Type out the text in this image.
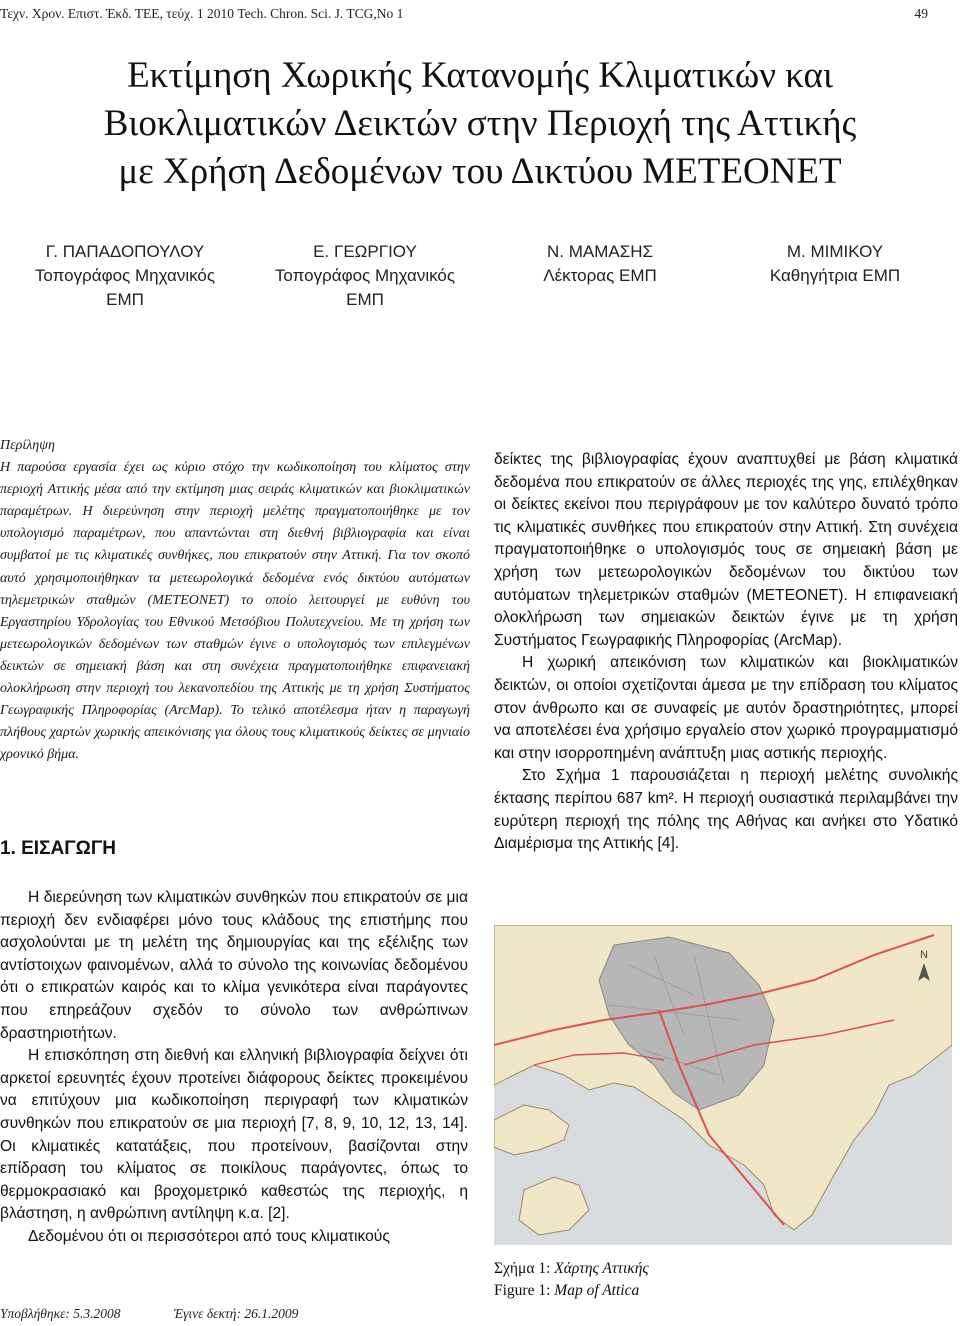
Τεχν. Χρον. Επιστ. Έκδ. ΤΕΕ, τεύχ. 1 2010 Tech. Chron. Sci. J. TCG,No 1	49
Εκτίμηση Χωρικής Κατανομής Κλιματικών και
Βιοκλιματικών Δεικτών στην Περιοχή της Αττικής
με Χρήση Δεδομένων του Δικτύου ΜΕΤΕΟΝΕΤ
Γ. ΠΑΠΑΔΟΠΟΥΛΟΥ
Τοπογράφος Μηχανικός
ΕΜΠ
Ε. ΓΕΩΡΓΙΟΥ
Τοπογράφος Μηχανικός
ΕΜΠ
Ν. ΜΑΜΑΣΗΣ
Λέκτορας ΕΜΠ
Μ. ΜΙΜΙΚΟΥ
Καθηγήτρια ΕΜΠ
Περίληψη

Η παρούσα εργασία έχει ως κύριο στόχο την κωδικοποίηση του κλίματος στην περιοχή Αττικής μέσα από την εκτίμηση μιας σειράς κλιματικών και βιοκλιματικών παραμέτρων. Η διερεύνηση στην περιοχή μελέτης πραγματοποιήθηκε με τον υπολογισμό παραμέτρων, που απαντώνται στη διεθνή βιβλιογραφία και είναι συμβατοί με τις κλιματικές συνθήκες, που επικρατούν στην Αττική. Για τον σκοπό αυτό χρησιμοποιήθηκαν τα μετεωρολογικά δεδομένα ενός δικτύου αυτόματων τηλεμετρικών σταθμών (ΜΕΤΕΟΝΕΤ) το οποίο λειτουργεί με ευθύνη του Εργαστηρίου Υδρολογίας του Εθνικού Μετσόβιου Πολυτεχνείου. Με τη χρήση των μετεωρολογικών δεδομένων των σταθμών έγινε ο υπολογισμός των επιλεγμένων δεικτών σε σημειακή βάση και στη συνέχεια πραγματοποιήθηκε επιφανειακή ολοκλήρωση στην περιοχή του λεκανοπεδίου της Αττικής με τη χρήση Συστήματος Γεωγραφικής Πληροφορίας (ArcMap). Το τελικό αποτέλεσμα ήταν η παραγωγή πλήθους χαρτών χωρικής απεικόνισης για όλους τους κλιματικούς δείκτες σε μηνιαίο χρονικό βήμα.

1. ΕΙΣΑΓΩΓΗ

Η διερεύνηση των κλιματικών συνθηκών που επικρατούν σε μια περιοχή δεν ενδιαφέρει μόνο τους κλάδους της επιστήμης που ασχολούνται με τη μελέτη της δημιουργίας και της εξέλιξης των αντίστοιχων φαινομένων, αλλά το σύνολο της κοινωνίας δεδομένου ότι ο επικρατών καιρός και το κλίμα γενικότερα είναι παράγοντες που επηρεάζουν σχεδόν το σύνολο των ανθρώπινων δραστηριοτήτων.

Η επισκόπηση στη διεθνή και ελληνική βιβλιογραφία δείχνει ότι αρκετοί ερευνητές έχουν προτείνει διάφορους δείκτες προκειμένου να επιτύχουν μια κωδικοποίηση περιγραφή των κλιματικών συνθηκών που επικρατούν σε μια περιοχή [7, 8, 9, 10, 12, 13, 14]. Οι κλιματικές κατατάξεις, που προτείνουν, βασίζονται στην επίδραση του κλίματος σε ποικίλους παράγοντες, όπως το θερμοκρασιακό και βροχομετρικό καθεστώς της περιοχής, η βλάστηση, η ανθρώπινη αντίληψη κ.α. [2].

Δεδομένου ότι οι περισσότεροι από τους κλιματικούς

δείκτες της βιβλιογραφίας έχουν αναπτυχθεί με βάση κλιματικά δεδομένα που επικρατούν σε άλλες περιοχές της γης, επιλέχθηκαν οι δείκτες εκείνοι που περιγράφουν με τον καλύτερο δυνατό τρόπο τις κλιματικές συνθήκες που επικρατούν στην Αττική. Στη συνέχεια πραγματοποιήθηκε ο υπολογισμός τους σε σημειακή βάση με χρήση των μετεωρολογικών δεδομένων του δικτύου των αυτόματων τηλεμετρικών σταθμών (ΜΕΤΕΟΝΕΤ). Η επιφανειακή ολοκλήρωση των σημειακών δεικτών έγινε με τη χρήση Συστήματος Γεωγραφικής Πληροφορίας (ArcMap).

Η χωρική απεικόνιση των κλιματικών και βιοκλιματικών δεικτών, οι οποίοι σχετίζονται άμεσα με την επίδραση του κλίματος στον άνθρωπο και σε συναφείς με αυτόν δραστηριότητες, μπορεί να αποτελέσει ένα χρήσιμο εργαλείο στον χωρικό προγραμματισμό και στην ισορροπημένη ανάπτυξη μιας αστικής περιοχής.

Στο Σχήμα 1 παρουσιάζεται η περιοχή μελέτης συνολικής έκτασης περίπου 687 km². Η περιοχή ουσιαστικά περιλαμβάνει την ευρύτερη περιοχή της πόλης της Αθήνας και ανήκει στο Υδατικό Διαμέρισμα της Αττικής [4].

N
Σχήμα 1: Χάρτης Αττικής
Figure 1: Map of Attica
Υποβλήθηκε: 5.3.2008	Έγινε δεκτή: 26.1.2009
